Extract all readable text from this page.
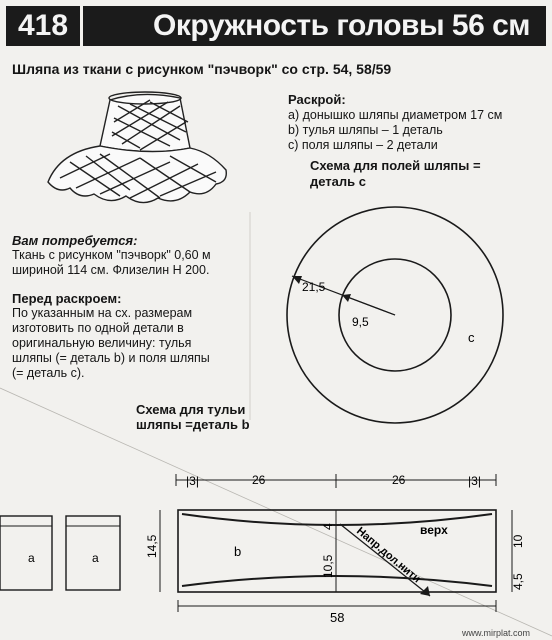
418	Окружность головы 56 см
Шляпа из ткани с рисунком "пэчворк" со стр. 54, 58/59
Раскрой:
а) донышко шляпы диаметром 17 см
b) тулья шляпы – 1 деталь
c) поля шляпы – 2 детали
Схема для полей шляпы =
деталь с
Вам потребуется:
Ткань с рисунком "пэчворк" 0,60 м
шириной 114 см. Флизелин Н 200.
Перед раскроем:
По указанным на сх. размерам
изготовить по одной детали в
оригинальную величину: тулья
шляпы (= деталь b) и поля шляпы
(= деталь с).
Схема для тульи
шляпы =деталь b
21,5
9,5
c
|3|	26	26	|3|
14,5
4
10,5
10
4,5
58
верх
Напр.дол.нити
b
а	а
www.mirplat.com
